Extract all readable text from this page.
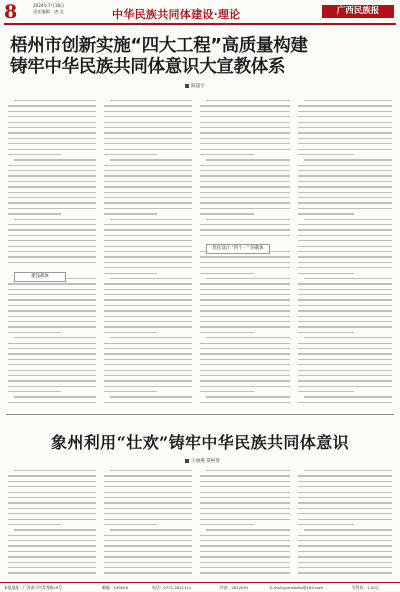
8	2024年7月18日
责任编辑：唐 北	中华民族共同体建设·理论	广西民族报
梧州市创新实施“四大工程”高质量构建
铸牢中华民族共同体意识大宣教体系
陈超宇
优化设计 “四个一” 的载体
建设载体
象州利用“壮欢”铸牢中华民族共同体意识
王丽燕 覃柯誉
本报地址：广西南宁市青秀路19号	邮编：530028	电话：0771-2811111	传真：2622291	E-mail:gxmzbshb@163.com	零售价：1.00元
